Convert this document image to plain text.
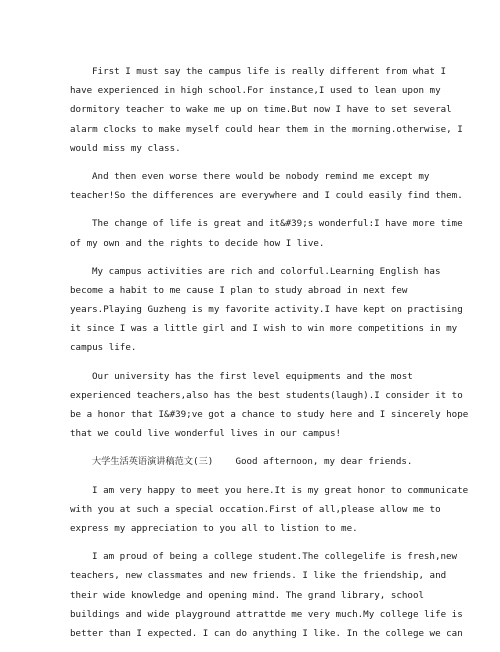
First I must say the campus life is really different from what I
have experienced in high school.For instance,I used to lean upon my
dormitory teacher to wake me up on time.But now I have to set several
alarm clocks to make myself could hear them in the morning.otherwise, I
would miss my class.
And then even worse there would be nobody remind me except my
teacher!So the differences are everywhere and I could easily find them.
The change of life is great and it&#39;s wonderful:I have more time
of my own and the rights to decide how I live.
My campus activities are rich and colorful.Learning English has
become a habit to me cause I plan to study abroad in next few
years.Playing Guzheng is my favorite activity.I have kept on practising
it since I was a little girl and I wish to win more competitions in my
campus life.
Our university has the first level equipments and the most
experienced teachers,also has the best students(laugh).I consider it to
be a honor that I&#39;ve got a chance to study here and I sincerely hope
that we could live wonderful lives in our campus!
大学生活英语演讲稿范文(三)    Good afternoon, my dear friends.
I am very happy to meet you here.It is my great honor to communicate
with you at such a special occation.First of all,please allow me to
express my appreciation to you all to listion to me.
I am proud of being a college student.The collegelife is fresh,new
teachers, new classmates and new friends. I like the friendship, and
their wide knowledge and opening mind. The grand library, school
buildings and wide playground attrattde me very much.My college life is
better than I expected. I can do anything I like. In the college we can
